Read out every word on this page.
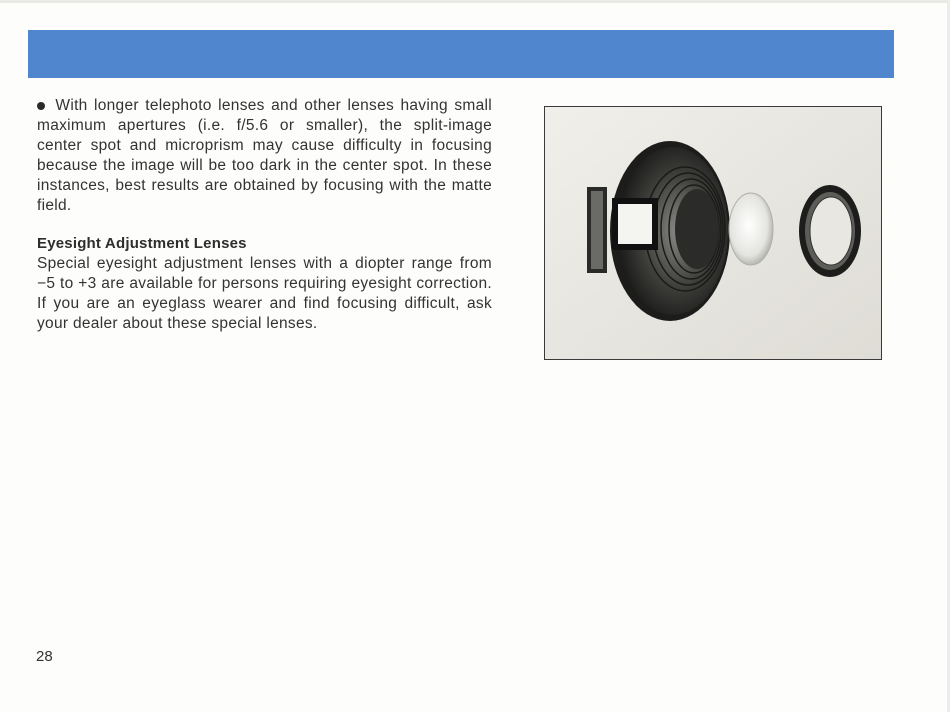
With longer telephoto lenses and other lenses having small maximum apertures (i.e. f/5.6 or smaller), the split-image center spot and microprism may cause difficulty in focusing because the image will be too dark in the center spot. In these instances, best results are obtained by focusing with the matte field.

Eyesight Adjustment Lenses

Special eyesight adjustment lenses with a diopter range from −5 to +3 are available for persons requiring eyesight correction. If you are an eyeglass wearer and find focusing difficult, ask your dealer about these special lenses.

28
